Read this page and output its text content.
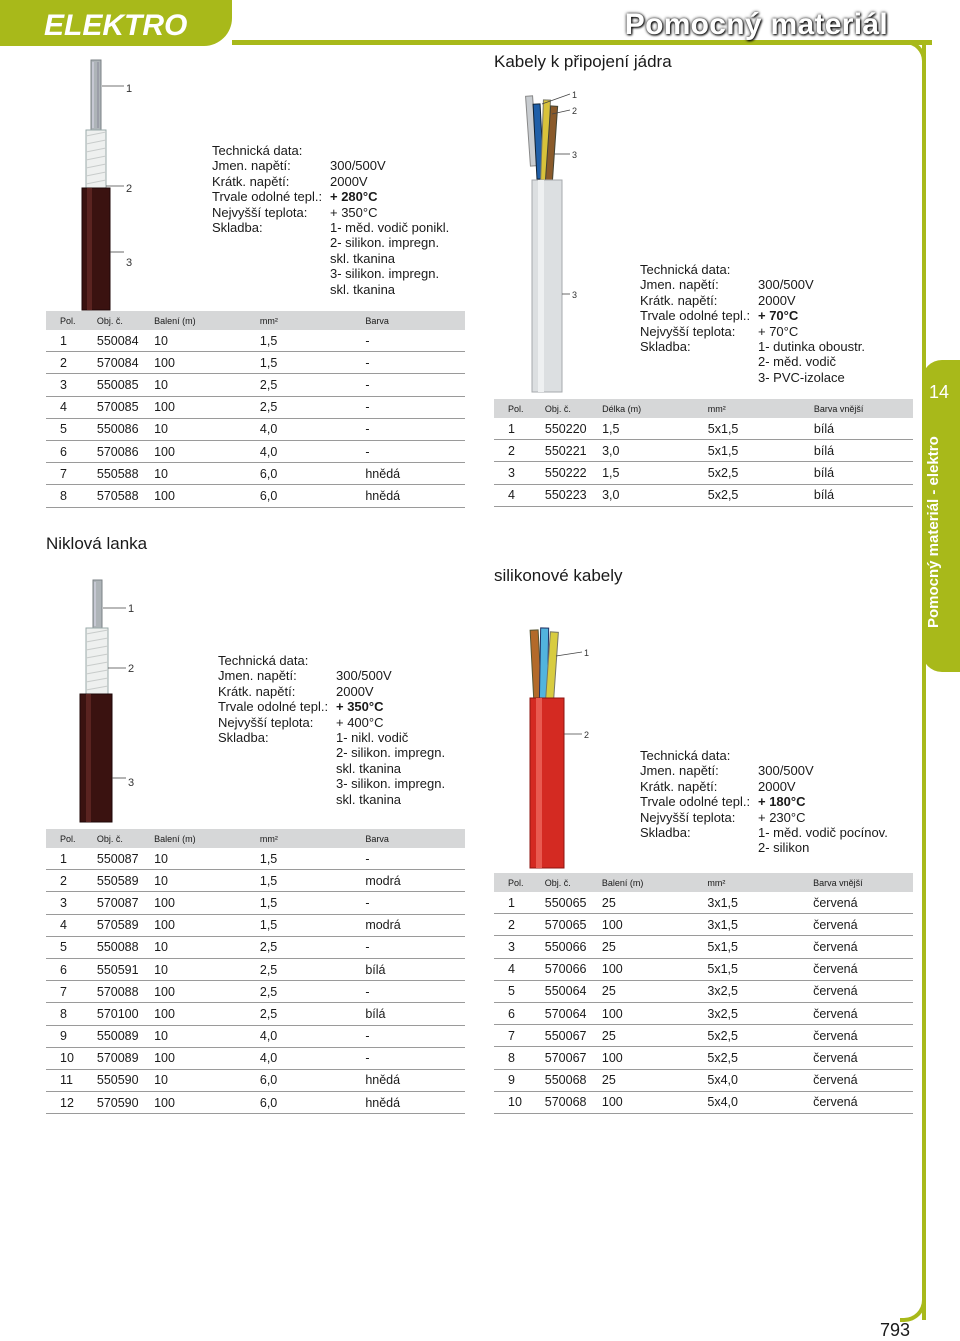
ELEKTRO	Pomocný materiál
14
Pomocný materiál - elektro
1
2
3
Technická data:
Jmen. napětí:	300/500V
Krátk. napětí:	2000V
Trvale odolné tepl.: + 280°C
Nejvyšší teplota:	+ 350°C
Skladba:	1- měd. vodič ponikl.
2- silikon. impregn.
skl. tkanina
3- silikon. impregn.
skl. tkanina
Pol.	Obj. č.	Balení (m)	mm²	Barva
1	550084	10	1,5	-
2	570084	100	1,5	-
3	550085	10	2,5	-
4	570085	100	2,5	-
5	550086	10	4,0	-
6	570086	100	4,0	-
7	550588	10	6,0	hnědá
8	570588	100	6,0	hnědá
Niklová lanka
1
2
3
Technická data:
Jmen. napětí:	300/500V
Krátk. napětí:	2000V
Trvale odolné tepl.: + 350°C
Nejvyšší teplota:	+ 400°C
Skladba:	1- nikl. vodič
2- silikon. impregn.
skl. tkanina
3- silikon. impregn.
skl. tkanina
Pol.	Obj. č.	Balení (m)	mm²	Barva
1	550087	10	1,5	-
2	550589	10	1,5	modrá
3	570087	100	1,5	-
4	570589	100	1,5	modrá
5	550088	10	2,5	-
6	550591	10	2,5	bílá
7	570088	100	2,5	-
8	570100	100	2,5	bílá
9	550089	10	4,0	-
10	570089	100	4,0	-
11	550590	10	6,0	hnědá
12	570590	100	6,0	hnědá
Kabely k připojení jádra
1
2
3
3
Technická data:
Jmen. napětí:	300/500V
Krátk. napětí:	2000V
Trvale odolné tepl.: + 70°C
Nejvyšší teplota:	+ 70°C
Skladba:	1- dutinka oboustr.
2- měd. vodič
3- PVC-izolace
Pol.	Obj. č.	Délka (m)	mm²	Barva vnější
1	550220	1,5	5x1,5	bílá
2	550221	3,0	5x1,5	bílá
3	550222	1,5	5x2,5	bílá
4	550223	3,0	5x2,5	bílá
silikonové kabely
1
2
Technická data:
Jmen. napětí:	300/500V
Krátk. napětí:	2000V
Trvale odolné tepl.: + 180°C
Nejvyšší teplota:	+ 230°C
Skladba:	1- měd. vodič pocínov.
2- silikon
Pol.	Obj. č.	Balení (m)	mm²	Barva vnější
1	550065	25	3x1,5	červená
2	570065	100	3x1,5	červená
3	550066	25	5x1,5	červená
4	570066	100	5x1,5	červená
5	550064	25	3x2,5	červená
6	570064	100	3x2,5	červená
7	550067	25	5x2,5	červená
8	570067	100	5x2,5	červená
9	550068	25	5x4,0	červená
10	570068	100	5x4,0	červená
793
